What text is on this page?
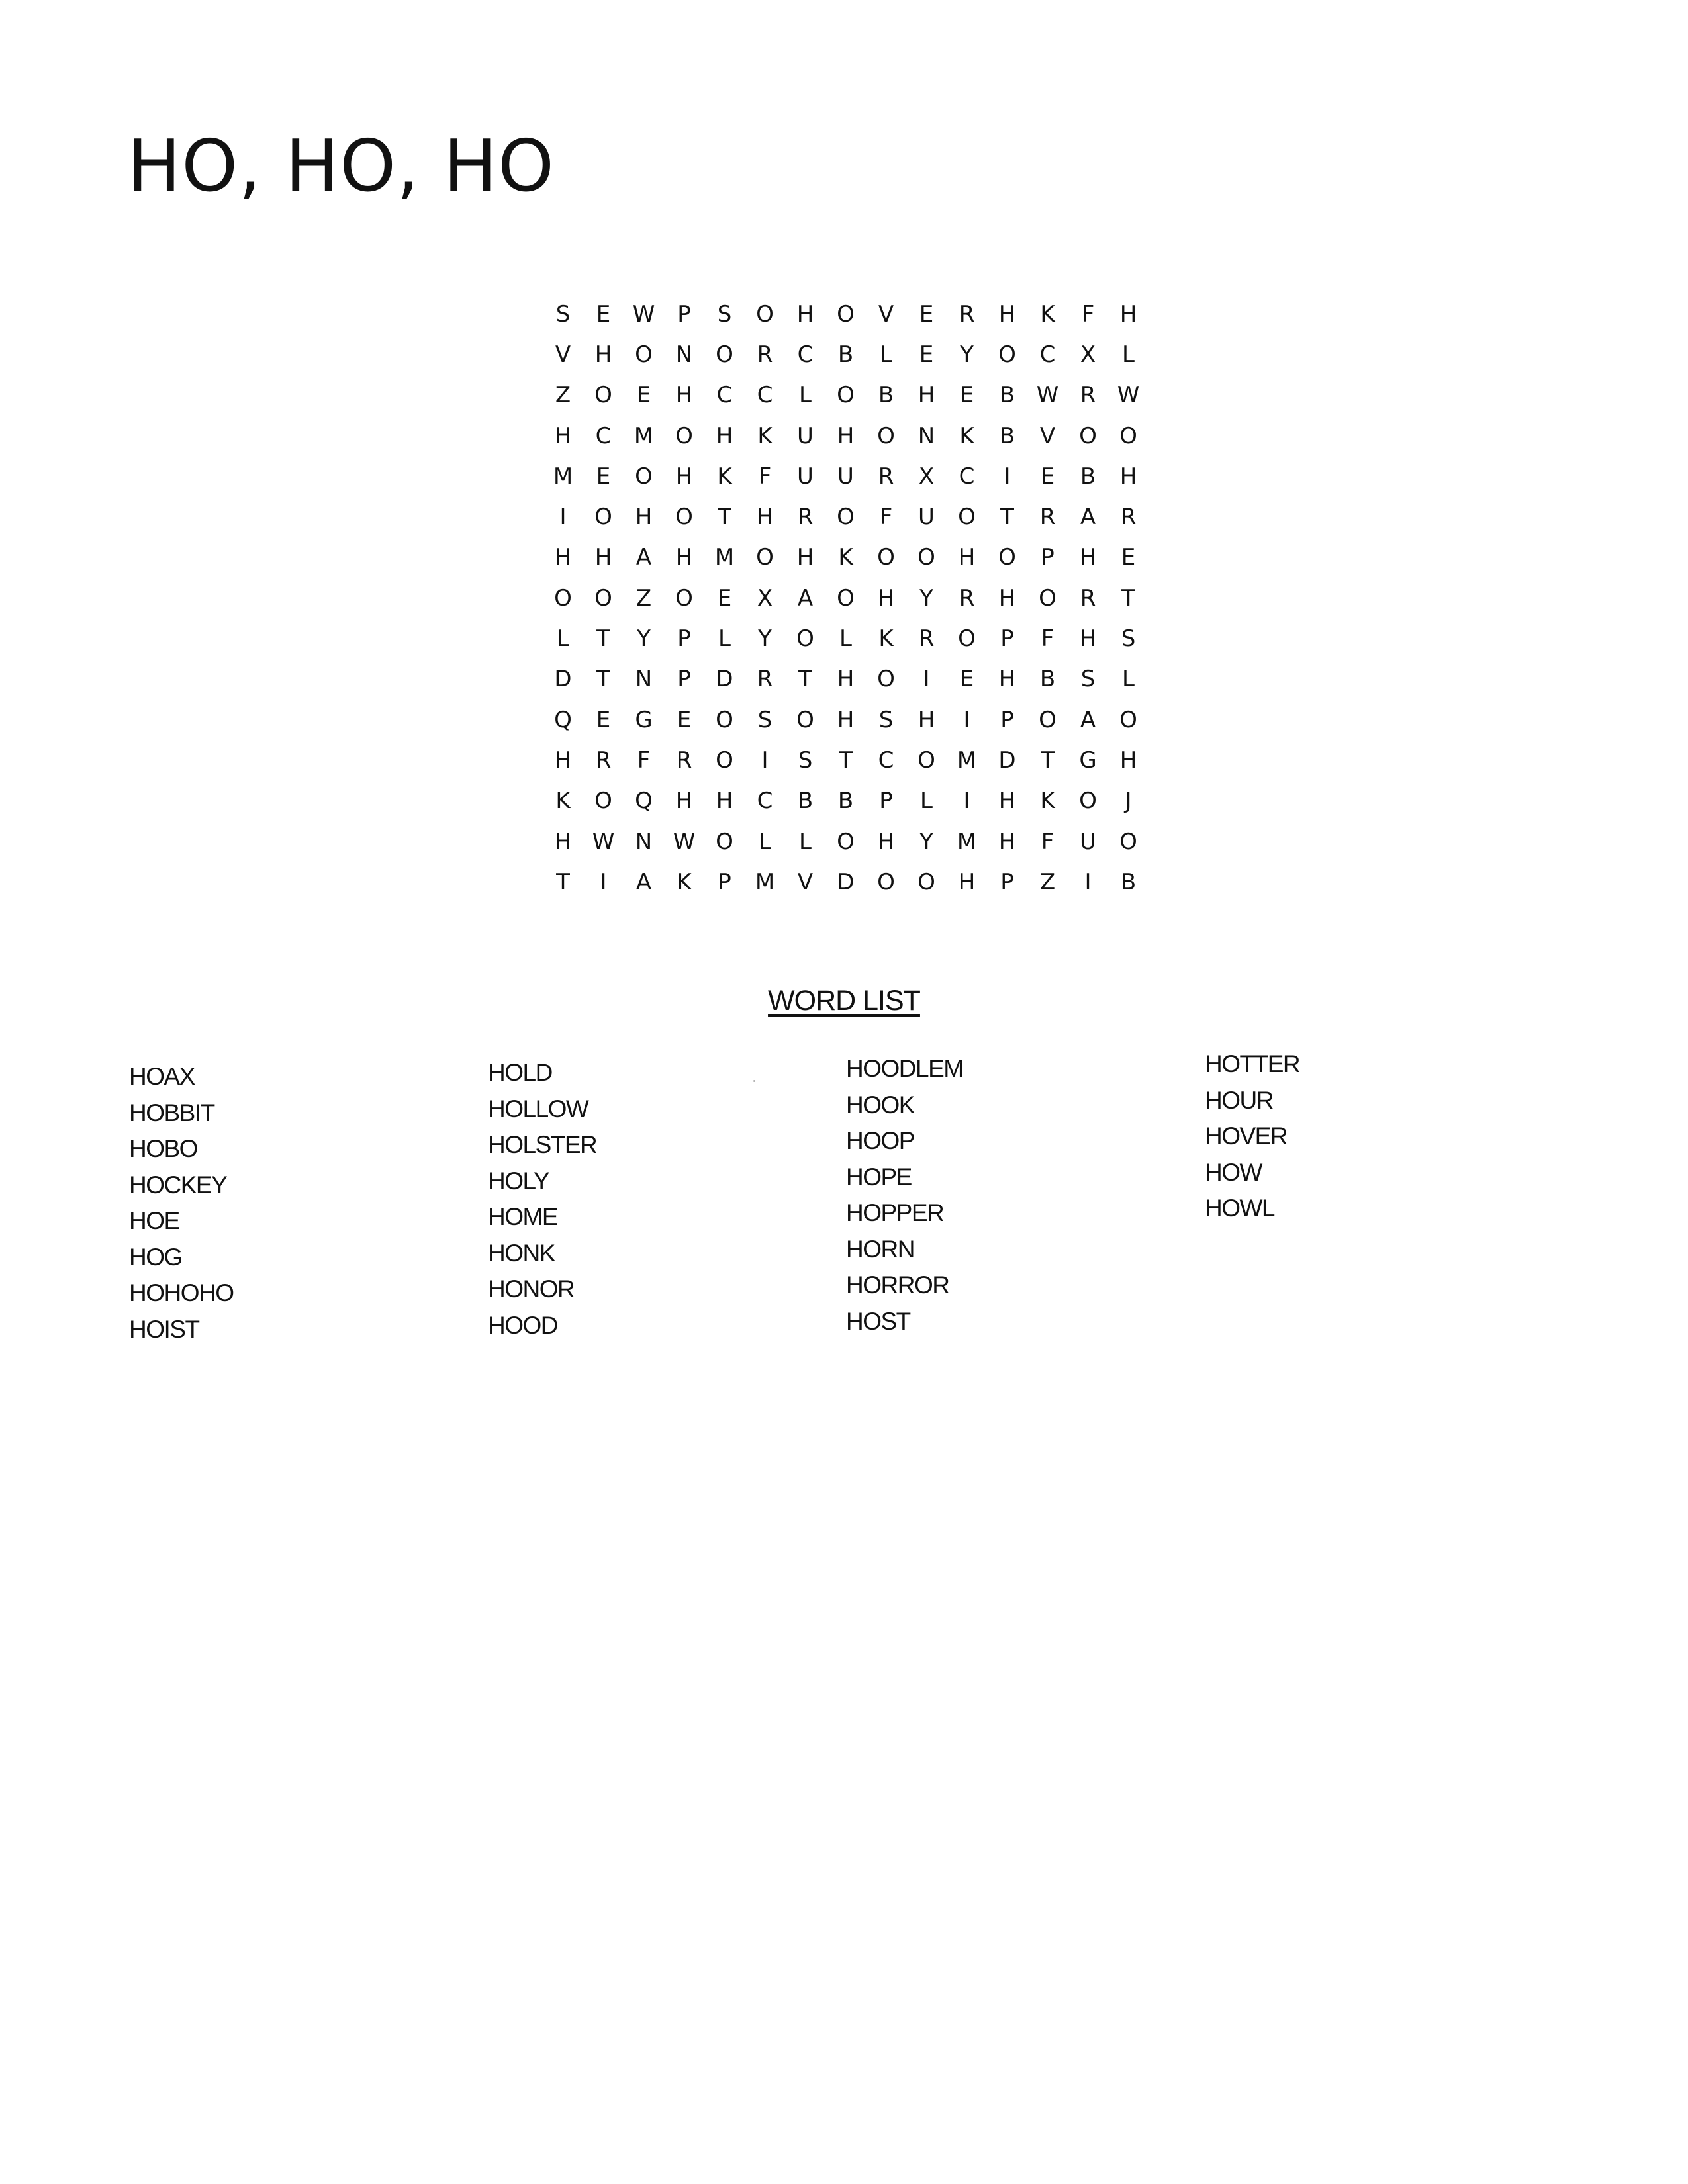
HO, HO, HO
S	E W P	S	O	H	O	V	E	R	H	K	F	H
V	H	O	N	O	R	C	B	L	E	Y	O	C	X	L
Z	O	E	H	C	C	L	O	B	H	E	B W R W
H	C	M O	H	K	U	H	O	N	K	B	V	O	O
M	E	O	H	K	F	U	U	R	X	C	I	E	B	H
I	O	H	O	T	H	R	O	F	U	O	T	R	A	R
H	H	A	H M O	H	K	O	O	H	O	P	H	E
O	O	Z	O	E	X	A	O	H	Y	R	H	O	R	T
L	T	Y	P	L	Y	O	L	K	R	O	P	F	H	S
D	T	N	P	D	R	T	H	O	I	E	H	B	S	L
Q	E	G	E	O	S	O	H	S	H	I	P	O	A	O
H	R	F	R	O	I	S	T	C	O M D	T	G	H
K	O	Q	H	H	C	B	B	P	L	I	H	K	O	J
H W N W O	L	L	O	H	Y	M H	F	U	O
T	I	A	K	P	M	V	D	O	O	H	P	Z	I	B
WORD LIST
HOAX
HOBBIT
HOBO
HOCKEY
HOE
HOG
HOHOHO
HOIST
HOLD
HOLLOW
HOLSTER
HOLY
HOME
HONK
HONOR
HOOD
HOODLEM
HOOK
HOOP
HOPE
HOPPER
HORN
HORROR
HOST
HOTTER
HOUR
HOVER
HOW
HOWL
